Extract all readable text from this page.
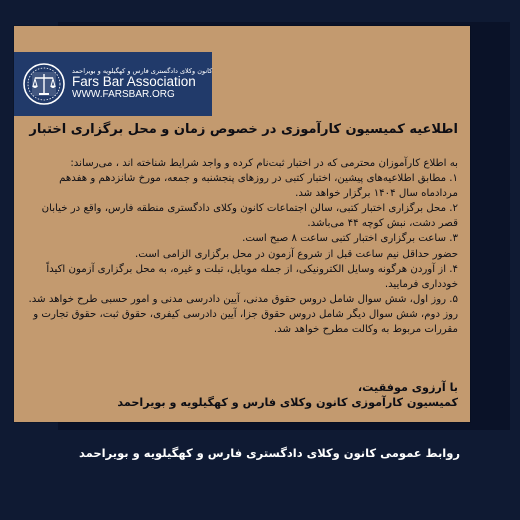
کانون وکلای دادگستری فارس و کهگیلویه و بویراحمد
Fars Bar Association
WWW.FARSBAR.ORG
اطلاعیه کمیسیون کارآموزی در خصوص زمان و محل برگزاری اختبار

به اطلاع کارآموزان محترمی که در اختبار ثبت‌نام کرده و واجد شرایط شناخته اند ، می‌رساند:

۱. مطابق اطلاعیه‌های پیشین، اختبار کتبی در روزهای پنجشنبه و جمعه، مورخ شانزدهم و هفدهم مردادماه سال ۱۴۰۴ برگزار خواهد شد.

۲. محل برگزاری اختبار کتبی، سالن اجتماعات کانون وکلای دادگستری منطقه فارس، واقع در خیابان قصر دشت، نبش کوچه ۴۴ می‌باشد.

۳. ساعت برگزاری اختبار کتبی ساعت ۸ صبح است.

حضور حداقل نیم ساعت قبل از شروع آزمون در محل برگزاری الزامی است.

۴. از آوردن هرگونه وسایل الکترونیکی، از جمله موبایل، تبلت و غیره، به محل برگزاری آزمون اکیداً خودداری فرمایید.

۵. روز اول، شش سوال شامل دروس حقوق مدنی، آیین دادرسی مدنی و امور حسبی طرح خواهد شد.

روز دوم، شش سوال دیگر شامل دروس حقوق جزا، آیین دادرسی کیفری، حقوق ثبت، حقوق تجارت و مقررات مربوط به وکالت مطرح خواهد شد.

با آرزوی موفقیت،

کمیسیون کارآموزی کانون وکلای فارس و کهگیلویه و بویراحمد

روابط عمومی کانون وکلای دادگستری فارس و کهگیلویه و بویراحمد
